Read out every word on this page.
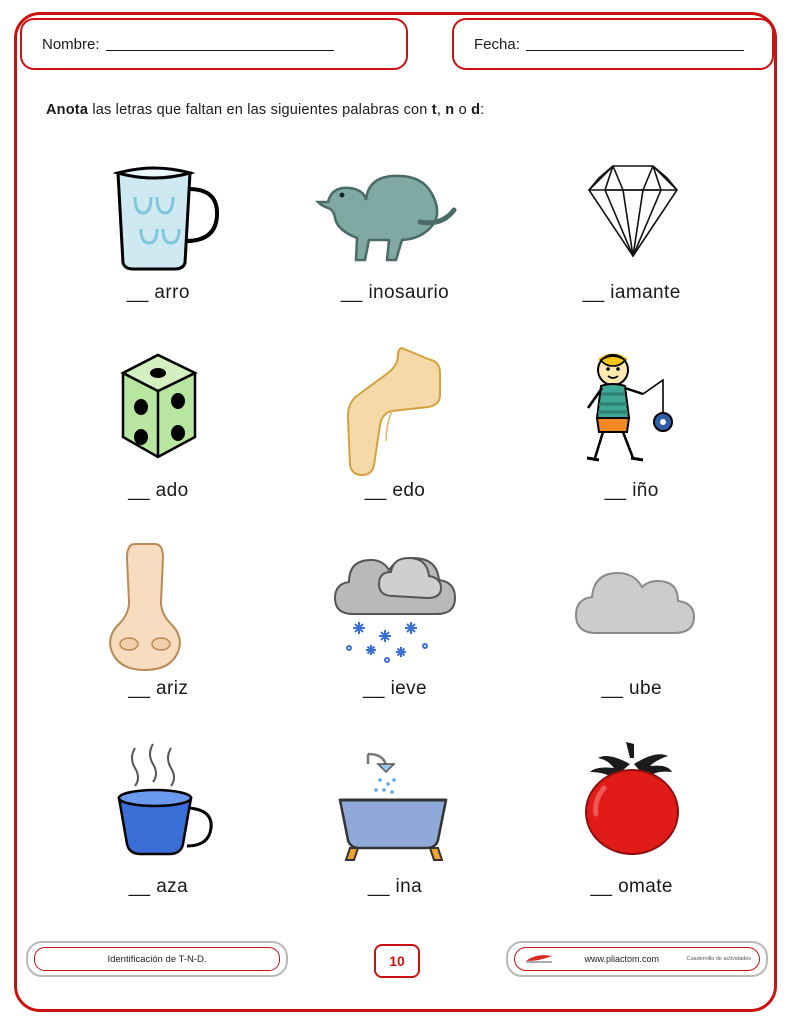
Nombre:	Fecha:
Anota las letras que faltan en las siguientes palabras con t, n o d:
__ arro	__ inosaurio	__ iamante
__ ado	__ edo	__ iño
__ ariz	__ ieve	__ ube
__ aza	__ ina	__ omate
Identificación de T-N-D.	10	www.pliactom.com	Cuadernillo de actividades
